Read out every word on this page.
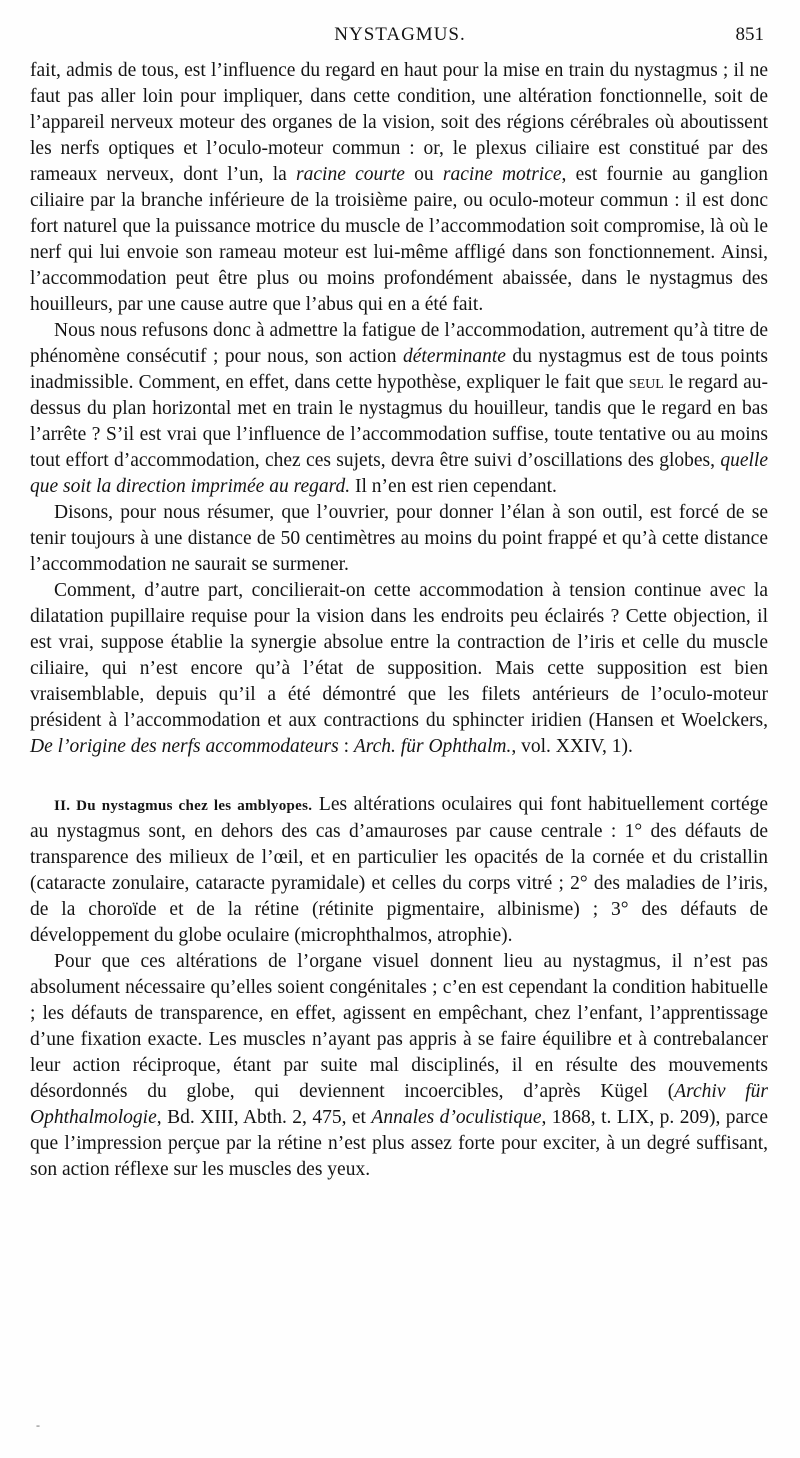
NYSTAGMUS.	851

fait, admis de tous, est l’influence du regard en haut pour la mise en train du nystagmus ; il ne faut pas aller loin pour impliquer, dans cette condition, une altération fonctionnelle, soit de l’appareil nerveux moteur des organes de la vision, soit des régions cérébrales où aboutissent les nerfs optiques et l’oculo-moteur commun : or, le plexus ciliaire est constitué par des rameaux nerveux, dont l’un, la racine courte ou racine motrice, est fournie au ganglion ciliaire par la branche inférieure de la troisième paire, ou oculo-moteur commun : il est donc fort naturel que la puissance motrice du muscle de l’accommodation soit compromise, là où le nerf qui lui envoie son rameau moteur est lui-même affligé dans son fonctionnement. Ainsi, l’accommodation peut être plus ou moins profondément abaissée, dans le nystagmus des houilleurs, par une cause autre que l’abus qui en a été fait.

Nous nous refusons donc à admettre la fatigue de l’accommodation, autrement qu’à titre de phénomène consécutif ; pour nous, son action déterminante du nystagmus est de tous points inadmissible. Comment, en effet, dans cette hypothèse, expliquer le fait que seul le regard au-dessus du plan horizontal met en train le nystagmus du houilleur, tandis que le regard en bas l’arrête ? S’il est vrai que l’influence de l’accommodation suffise, toute tentative ou au moins tout effort d’accommodation, chez ces sujets, devra être suivi d’oscillations des globes, quelle que soit la direction imprimée au regard. Il n’en est rien cependant.

Disons, pour nous résumer, que l’ouvrier, pour donner l’élan à son outil, est forcé de se tenir toujours à une distance de 50 centimètres au moins du point frappé et qu’à cette distance l’accommodation ne saurait se surmener.

Comment, d’autre part, concilierait-on cette accommodation à tension continue avec la dilatation pupillaire requise pour la vision dans les endroits peu éclairés ? Cette objection, il est vrai, suppose établie la synergie absolue entre la contraction de l’iris et celle du muscle ciliaire, qui n’est encore qu’à l’état de supposition. Mais cette supposition est bien vraisemblable, depuis qu’il a été démontré que les filets antérieurs de l’oculo-moteur président à l’accommodation et aux contractions du sphincter iridien (Hansen et Woelckers, De l’origine des nerfs accommodateurs : Arch. für Ophthalm., vol. XXIV, 1).

II. Du nystagmus chez les amblyopes. Les altérations oculaires qui font habituellement cortége au nystagmus sont, en dehors des cas d’amauroses par cause centrale : 1° des défauts de transparence des milieux de l’œil, et en particulier les opacités de la cornée et du cristallin (cataracte zonulaire, cataracte pyramidale) et celles du corps vitré ; 2° des maladies de l’iris, de la choroïde et de la rétine (rétinite pigmentaire, albinisme) ; 3° des défauts de développement du globe oculaire (microphthalmos, atrophie).

Pour que ces altérations de l’organe visuel donnent lieu au nystagmus, il n’est pas absolument nécessaire qu’elles soient congénitales ; c’en est cependant la condition habituelle ; les défauts de transparence, en effet, agissent en empêchant, chez l’enfant, l’apprentissage d’une fixation exacte. Les muscles n’ayant pas appris à se faire équilibre et à contrebalancer leur action réciproque, étant par suite mal disciplinés, il en résulte des mouvements désordonnés du globe, qui deviennent incoercibles, d’après Kügel (Archiv für Ophthalmologie, Bd. XIII, Abth. 2, 475, et Annales d’oculistique, 1868, t. LIX, p. 209), parce que l’impression perçue par la rétine n’est plus assez forte pour exciter, à un degré suffisant, son action réflexe sur les muscles des yeux.

-
